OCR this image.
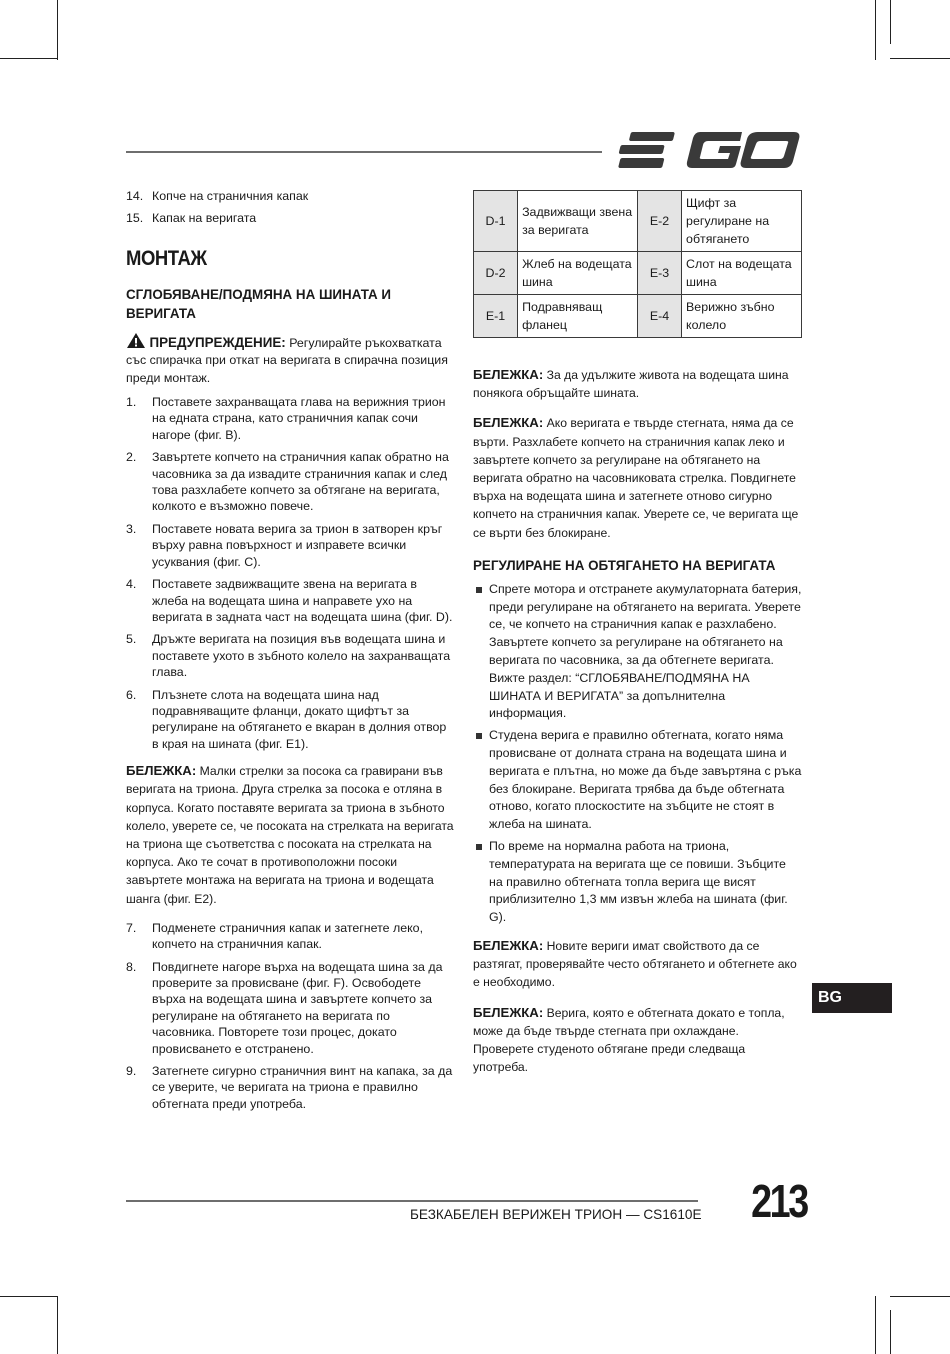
14. Копче на страничния капак
15. Капак на веригата
МОНТАЖ
СГЛОБЯВАНЕ/ПОДМЯНА НА ШИНАТА И ВЕРИГАТА

ПРЕДУПРЕЖДЕНИЕ: Регулирайте ръкохватката със спирачка при откат на веригата в спирачна позиция преди монтаж.

1.	Поставете захранващата глава на верижния трион на едната страна, като страничния капак сочи нагоре (фиг. B).
2.	Завъртете копчето на страничния капак обратно на часовника за да извадите страничния капак и след това разхлабете копчето за обтягане на веригата, колкото е възможно повече.
3.	Поставете новата верига за трион в затворен кръг върху равна повърхност и изправете всички усуквания (фиг. C).
4.	Поставете задвижващите звена на веригата в жлеба на водещата шина и направете ухо на веригата в задната част на водещата шина (фиг. D).
5.	Дръжте веригата на позиция във водещата шина и поставете ухото в зъбното колело на захранващата глава.
6.	Плъзнете слота на водещата шина над подравняващите фланци, докато щифтът за регулиране на обтягането е вкаран в долния отвор в края на шината (фиг. E1).

БЕЛЕЖКА: Малки стрелки за посока са гравирани във веригата на триона. Друга стрелка за посока е отляна в корпуса. Когато поставяте веригата за триона в зъбното колело, уверете се, че посоката на стрелката на веригата на триона ще съответства с посоката на стрелката на корпуса. Ако те сочат в противоположни посоки завъртете монтажа на веригата на триона и водещата шанга (фиг. E2).

7.	Подменете страничния капак и затегнете леко, копчето на страничния капак.
8.	Повдигнете нагоре върха на водещата шина за да проверите за провисване (фиг. F). Освободете върха на водещата шина и завъртете копчето за регулиране на обтягането на веригата по часовника. Повторете този процес, докато провисването е отстранено.
9.	Затегнете сигурно страничния винт на капака, за да се уверите, че веригата на триона е правилно обтегната преди употреба.
D-1	Задвижващи звена за веригата	E-2	Щифт за регулиране на обтягането
D-2	Жлеб на водещата шина	E-3	Слот на водещата шина
E-1	Подравняващ фланец	E-4	Верижно зъбно колело

БЕЛЕЖКА: За да удължите живота на водещата шина понякога обръщайте шината.

БЕЛЕЖКА: Ако веригата е твърде стегната, няма да се върти. Разхлабете копчето на страничния капак леко и завъртете копчето за регулиране на обтягането на веригата обратно на часовниковата стрелка. Повдигнете върха на водещата шина и затегнете отново сигурно копчето на страничния капак. Уверете се, че веригата ще се върти без блокиране.

РЕГУЛИРАНЕ НА ОБТЯГАНЕТО НА ВЕРИГАТА
Спрете мотора и отстранете акумулаторната батерия, преди регулиране на обтягането на веригата. Уверете се, че копчето на страничния капак е разхлабено. Завъртете копчето за регулиране на обтягането на веригата по часовника, за да обтегнете веригата. Вижте раздел: “СГЛОБЯВАНЕ/ПОДМЯНА НА ШИНАТА И ВЕРИГАТА” за допълнителна информация.
Студена верига е правилно обтегната, когато няма провисване от долната страна на водещата шина и веригата е плътна, но може да бъде завъртяна с ръка без блокиране. Веригата трябва да бъде обтегната отново, когато плоскостите на зъбците не стоят в жлеба на шината.
По време на нормална работа на триона, температурата на веригата ще се повиши. Зъбците на правилно обтегната топла верига ще висят приблизително 1,3 мм извън жлеба на шината (фиг. G).

БЕЛЕЖКА: Новите вериги имат свойството да се разтягат, проверявайте често обтягането и обтегнете ако е необходимо.

БЕЛЕЖКА: Верига, която е обтегната докато е топла, може да бъде твърде стегната при охлаждане. Проверете студеното обтягане преди следваща употреба.

BG
БЕЗКАБЕЛЕН ВЕРИЖЕН ТРИОН — CS1610E 213
